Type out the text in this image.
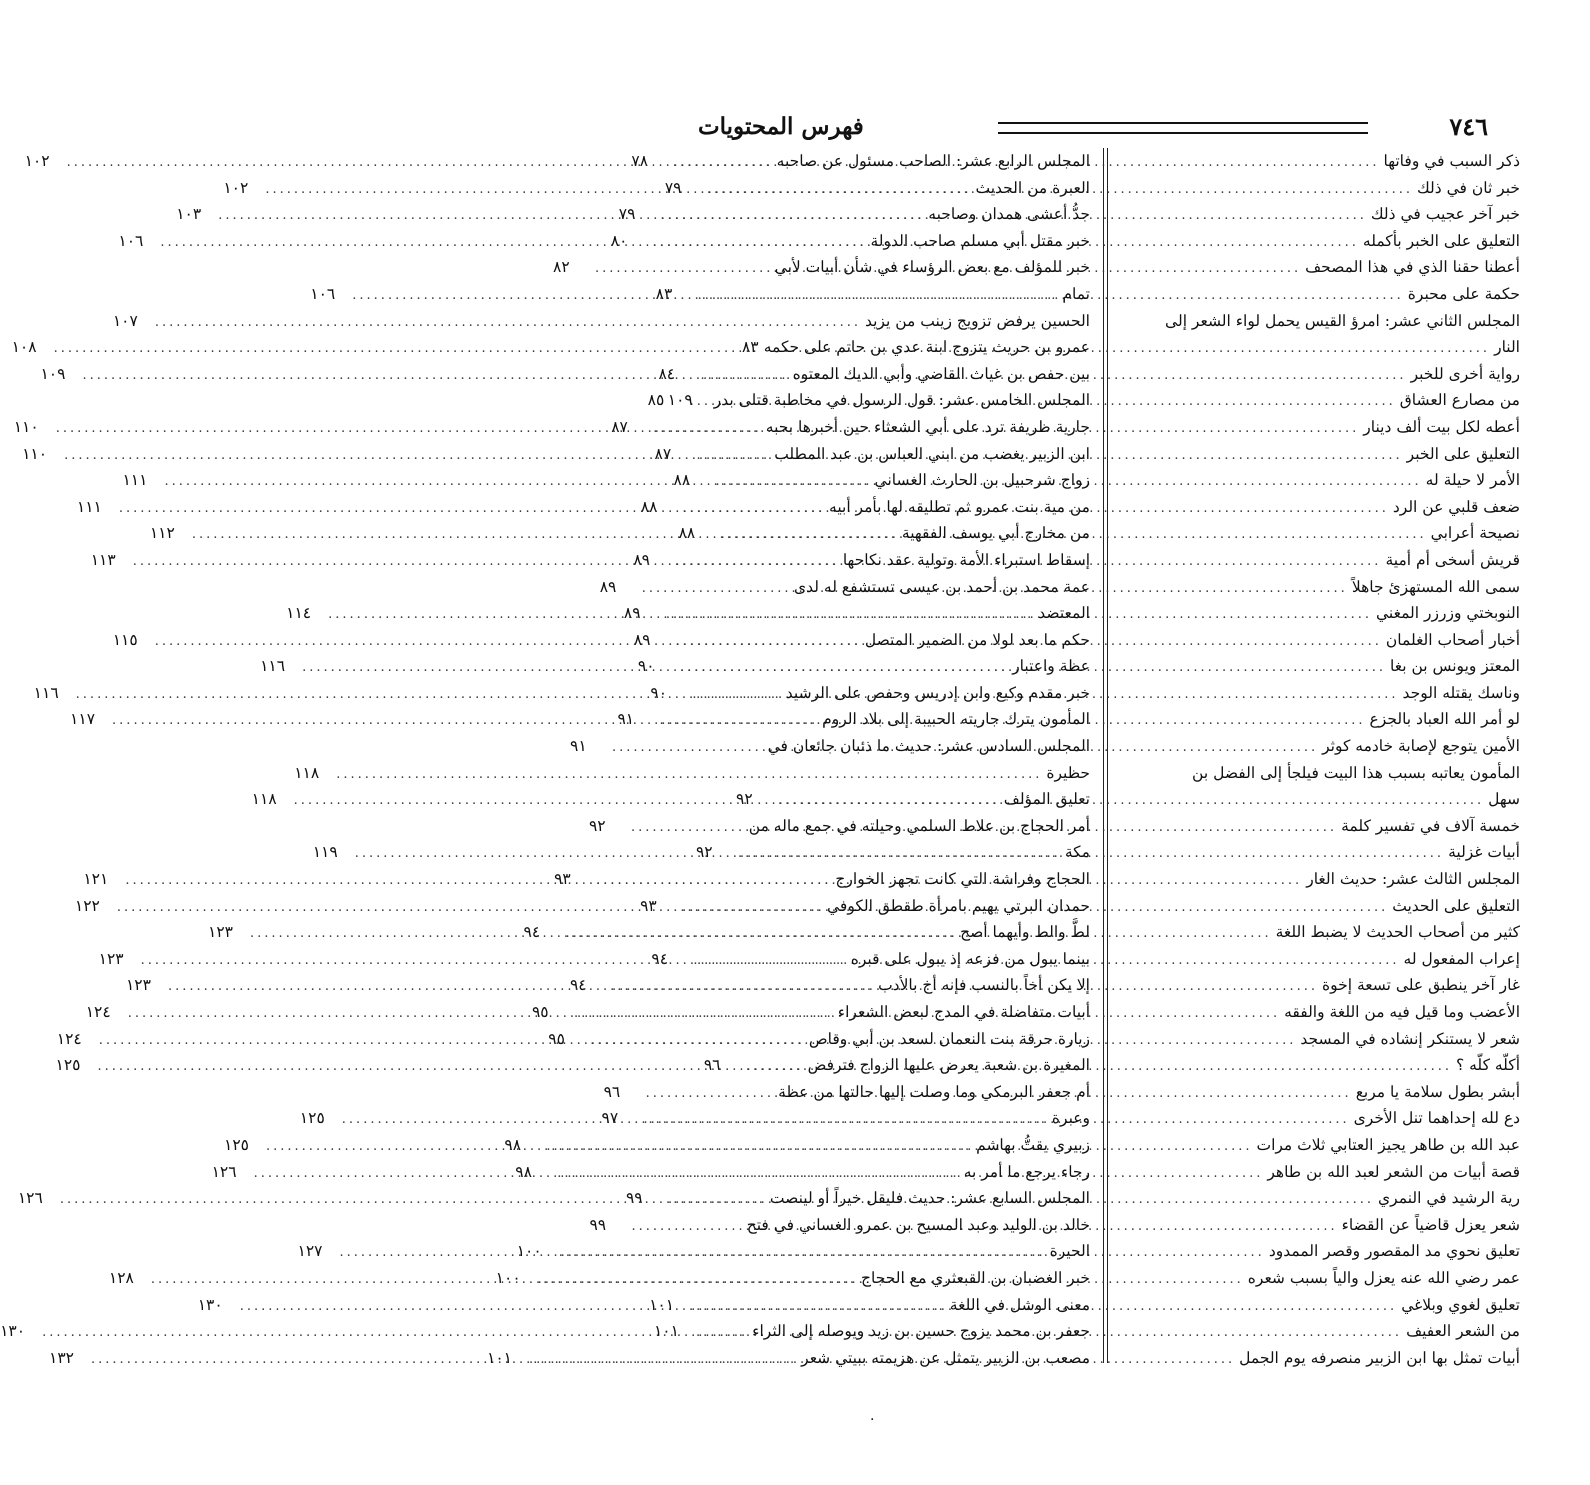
٧٤٦
فهرس المحتويات
ذكر السبب في وفاتها
.....
٧٨
خبر ثان في ذلك
.....
٧٩
خبر آخر عجيب في ذلك
.....
٧٩
التعليق على الخبر بأكمله
.....
٨٠
أعطنا حقنا الذي في هذا المصحف
.....
٨٢
حكمة على محبرة
.....
٨٣
المجلس الثاني عشر: امرؤ القيس يحمل لواء الشعر إلى
النار
.....
٨٣
رواية أخرى للخبر
.....
٨٤
من مصارع العشاق
.....
٨٥
أعطه لكل بيت ألف دينار
.....
٨٧
التعليق على الخبر
.....
٨٧
الأمر لا حيلة له
.....
٨٨
ضعف قلبي عن الرد
.....
٨٨
نصيحة أعرابي
.....
٨٨
قريش أسخى أم أمية
.....
٨٩
سمى الله المستهزئ جاهلاً
.....
٨٩
النوبختي وزرزر المغني
.....
٨٩
أخبار أصحاب الغلمان
.....
٨٩
المعتز ويونس بن بغا
.....
٩٠
وناسك يقتله الوجد
.....
٩٠
لو أمر الله العباد بالجزع
.....
٩١
الأمين يتوجع لإصابة خادمه كوثر
.....
٩١
المأمون يعاتبه بسبب هذا البيت فيلجأ إلى الفضل بن
سهل
.....
٩٢
خمسة آلاف في تفسير كلمة
.....
٩٢
أبيات غزلية
.....
٩٢
المجلس الثالث عشر: حديث الغار
.....
٩٣
التعليق على الحديث
.....
٩٣
كثير من أصحاب الحديث لا يضبط اللغة
.....
٩٤
إعراب المفعول له
.....
٩٤
غار آخر ينطبق على تسعة إخوة
.....
٩٤
الأعضب وما قيل فيه من اللغة والفقه
.....
٩٥
شعر لا يستنكر إنشاده في المسجد
.....
٩٥
أكلّه كلّه ؟
.....
٩٦
أبشر بطول سلامة يا مربع
.....
٩٦
دع لله إحداهما تنل الأخرى
.....
٩٧
عبد الله بن طاهر يجيز العتابي ثلاث مرات
.....
٩٨
قصة أبيات من الشعر لعبد الله بن طاهر
.....
٩٨
رية الرشيد في النمري
.....
٩٩
شعر يعزل قاضياً عن القضاء
.....
٩٩
تعليق نحوي مد المقصور وقصر الممدود
.....
١٠٠
عمر رضي الله عنه يعزل والياً بسبب شعره
.....
١٠٠
تعليق لغوي وبلاغي
.....
١٠١
من الشعر العفيف
.....
١٠١
أبيات تمثل بها ابن الزبير منصرفه يوم الجمل
.....
١٠١
المجلس الرابع عشر: الصاحب مسئول عن صاحبه
.....
١٠٢
العبرة من الحديث
.....
١٠٢
جدُّ أعشى همدان وصاحبه
.....
١٠٣
خبر مقتل أبي مسلم صاحب الدولة
.....
١٠٦
خبر للمؤلف مع بعض الرؤساء في شأن أبيات لأبي
تمام
.....
١٠٦
الحسين يرفض تزويج زينب من يزيد
.....
١٠٧
عمرو بن حريث يتزوج ابنة عدي بن حاتم على حكمه
.....
١٠٨
بين حفص بن غياث القاضي وأبي الديك المعتوه
.....
١٠٩
المجلس الخامس عشر: قول الرسول في مخاطبة قتلى بدر
١٠٩
جارية ظريفة ترد على أبي الشعثاء حين أخبرها بحبه
.....
١١٠
ابن الزبير يغضب من ابني العباس بن عبد المطلب
.....
١١٠
زواج شرحبيل بن الحارث الغساني
.....
١١١
من مية بنت عمرو ثم تطليقه لها بأمر أبيه
.....
١١١
من مخارج أبي يوسف الفقهية
.....
١١٢
إسقاط استبراء الأمة وتولية عقد نكاحها
.....
١١٣
عمة محمد بن أحمد بن عيسى تستشفع له لدى
المعتضد
.....
١١٤
حكم ما بعد لولا من الضمير المتصل
.....
١١٥
عظة واعتبار
.....
١١٦
خبر مقدم وكيع وابن إدريس وحفص على الرشيد
.....
١١٦
المأمون يترك جاريته الحبيبة إلى بلاد الروم
.....
١١٧
المجلس السادس عشر: حديث ما ذئبان جائعان في
حظيرة
.....
١١٨
تعليق المؤلف
.....
١١٨
أمر الحجاج بن علاط السلمي وحيلته في جمع ماله من
مكة
.....
١١٩
الحجاج وفراشة التي كانت تجهز الخوارج
.....
١٢١
حمدان البرتي يهيم بامرأة طقطق الكوفي
.....
١٢٢
لطَّ والط وأيهما أصح
.....
١٢٣
بينما يبول من فزعه إذ يبول على قبره
.....
١٢٣
إلا يكن أخاً بالنسب فإنه أخ بالأدب
.....
١٢٣
أبيات متفاضلة في المدح لبعض الشعراء
.....
١٢٤
زيارة حرقة بنت النعمان لسعد بن أبي وقاص
.....
١٢٤
المغيرة بن شعبة يعرض عليها الزواج فترفض
.....
١٢٥
أم جعفر البرمكي وما وصلت إليها حالتها من عظة
وعبرة
.....
١٢٥
زبيري يقتُّ بهاشم
.....
١٢٥
رجاء يرجع ما أمر به
.....
١٢٦
المجلس السابع عشر: حديث فليقل خيراً أو لينصت
.....
١٢٦
خالد بن الوليد وعبد المسيح بن عمرو الغساني في فتح
الحيرة
.....
١٢٧
خبر الغضبان بن القبعثري مع الحجاج
.....
١٢٨
معنى الوشل في اللغة
.....
١٣٠
جعفر بن محمد يزوج حسين بن زيد ويوصله إلى الثراء
.....
١٣٠
مصعب بن الزبير يتمثل عن هزيمته ببيتي شعر
.....
١٣٢
.
